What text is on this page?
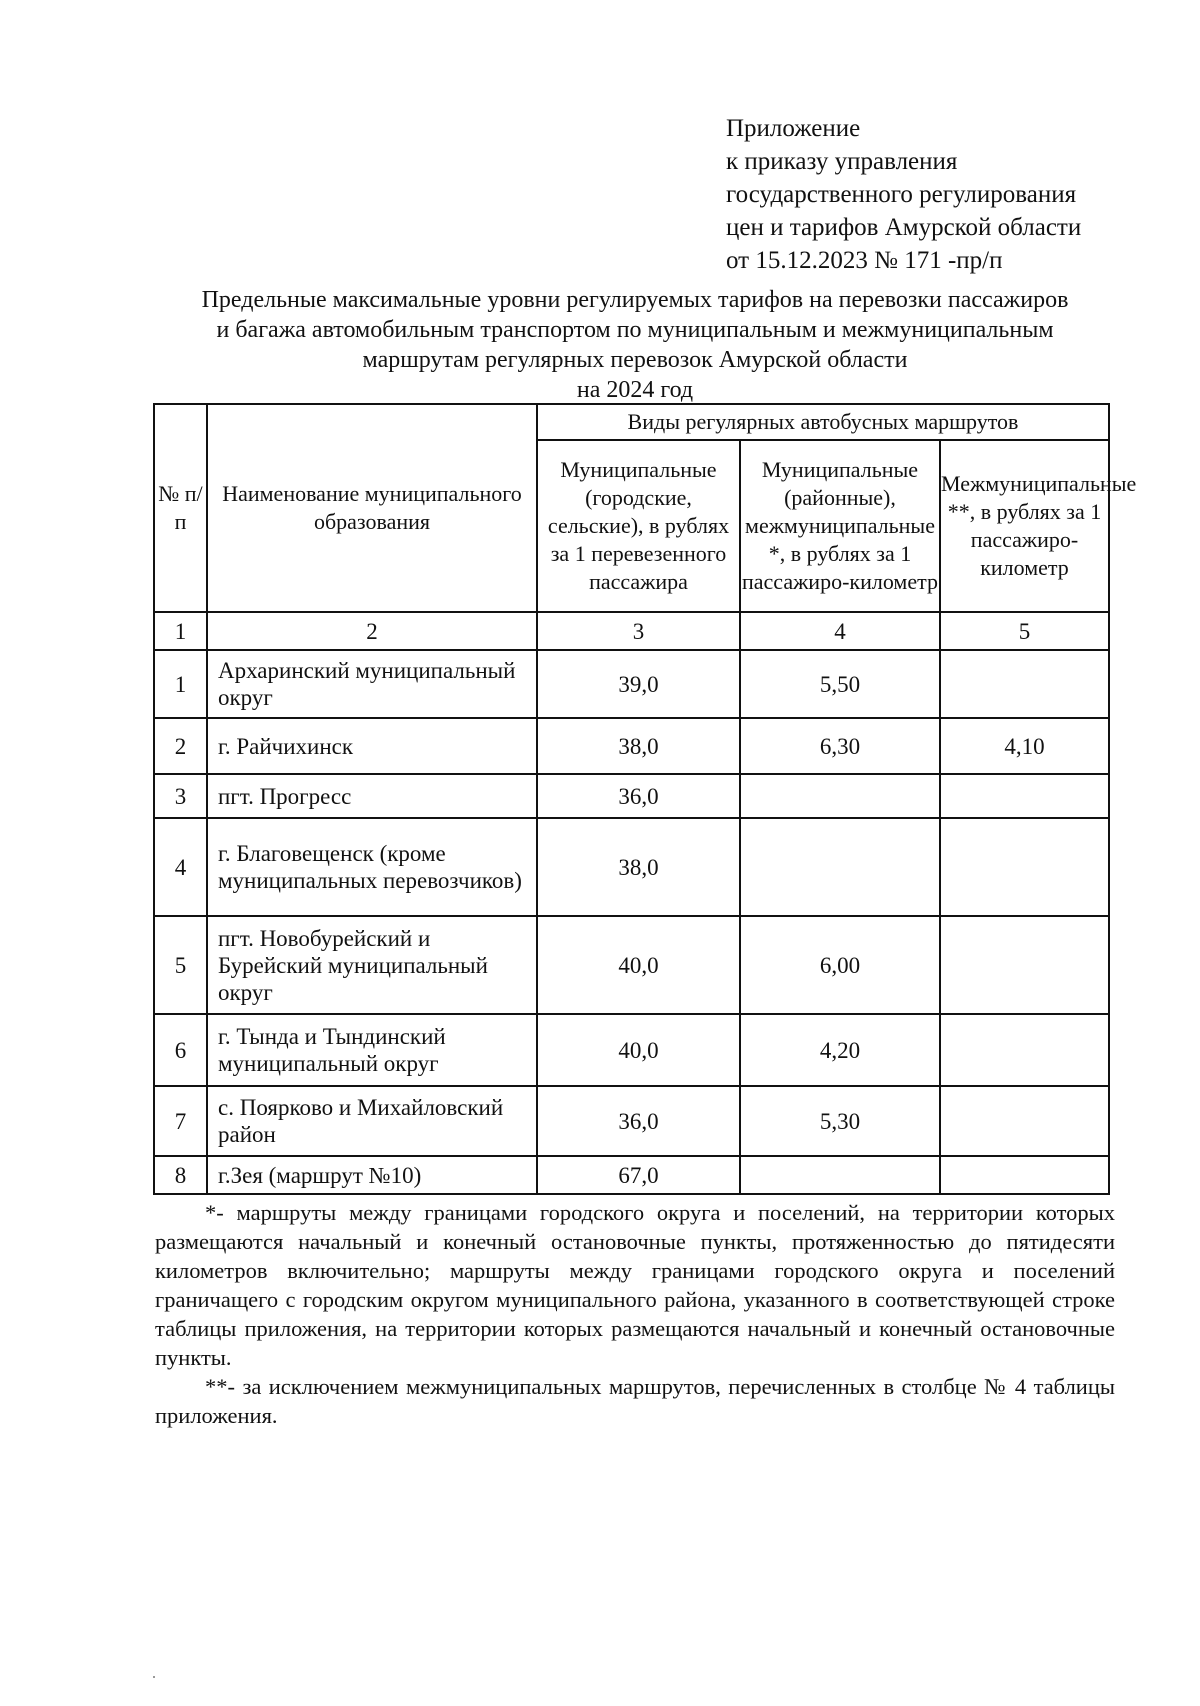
Приложение
к приказу управления
государственного регулирования
цен и тарифов Амурской области
от 15.12.2023 № 171 -пр/п
Предельные максимальные уровни регулируемых тарифов на перевозки пассажиров
и багажа автомобильным транспортом по муниципальным и межмуниципальным
маршрутам регулярных перевозок Амурской области
на 2024 год
№ п/п	Наименование муниципального образования	Виды регулярных автобусных маршрутов		
		Муниципальные (городские, сельские), в рублях за 1 перевезенного пассажира	Муниципальные (районные), межмуниципальные *, в рублях за 1 пассажиро-километр	Межмуниципальные **, в рублях за 1 пассажиро-километр
1	2	3	4	5
1	Архаринский муниципальный округ	39,0	5,50	
2	г. Райчихинск	38,0	6,30	4,10
3	пгт. Прогресс	36,0		
4	г. Благовещенск (кроме муниципальных перевозчиков)	38,0		
5	пгт. Новобурейский и Бурейский муниципальный округ	40,0	6,00	
6	г. Тында и Тындинский муниципальный округ	40,0	4,20	
7	с. Поярково и Михайловский район	36,0	5,30	
8	г.Зея (маршрут №10)	67,0		

*- маршруты между границами городского округа и поселений, на территории которых размещаются начальный и конечный остановочные пункты, протяженностью до пятидесяти километров включительно; маршруты между границами городского округа и поселений граничащего с городским округом муниципального района, указанного в соответствующей строке таблицы приложения, на территории которых размещаются начальный и конечный остановочные пункты.

**- за исключением межмуниципальных маршрутов, перечисленных в столбце № 4 таблицы приложения.
